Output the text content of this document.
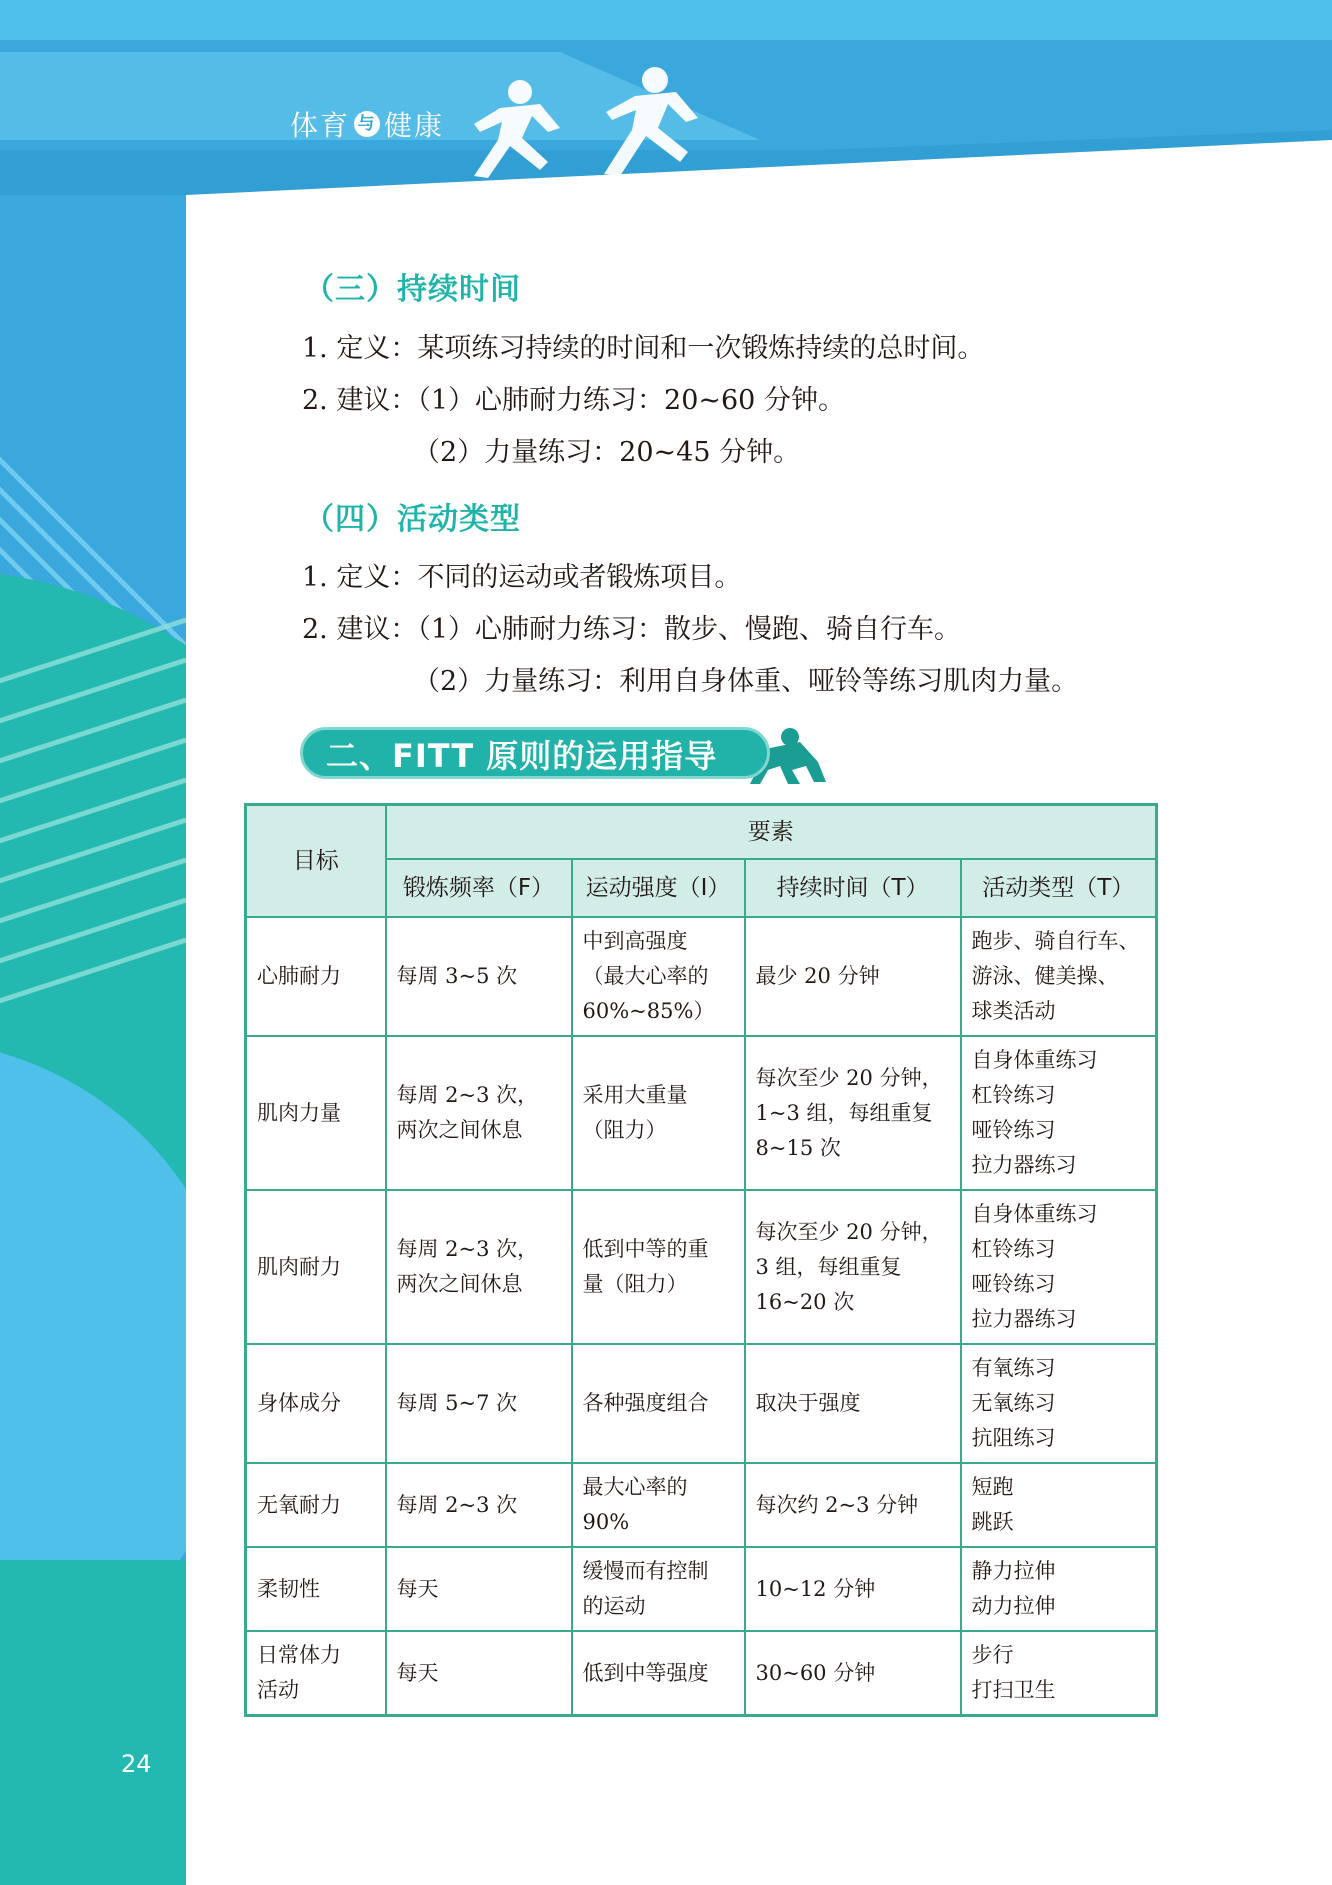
体育 与 健康
（三）持续时间
1. 定义：某项练习持续的时间和一次锻炼持续的总时间。
2. 建议：（1）心肺耐力练习：20~60 分钟。
（2）力量练习：20~45 分钟。
（四）活动类型
1. 定义：不同的运动或者锻炼项目。
2. 建议：（1）心肺耐力练习：散步、慢跑、骑自行车。
（2）力量练习：利用自身体重、哑铃等练习肌肉力量。
二、FITT 原则的运用指导
目标	要素			
	锻炼频率（F）	运动强度（I）	持续时间（T）	活动类型（T）

心肺耐力	每周 3~5 次	中到高强度
（最大心率的
60%~85%）	最少 20 分钟	跑步、骑自行车、
游泳、健美操、
球类活动

肌肉力量	每周 2~3 次，
两次之间休息	采用大重量
（阻力）	每次至少 20 分钟，
1~3 组，每组重复
8~15 次	自身体重练习
杠铃练习
哑铃练习
拉力器练习

肌肉耐力	每周 2~3 次，
两次之间休息	低到中等的重
量（阻力）	每次至少 20 分钟，
3 组，每组重复
16~20 次	自身体重练习
杠铃练习
哑铃练习
拉力器练习

身体成分	每周 5~7 次	各种强度组合	取决于强度	有氧练习
无氧练习
抗阻练习

无氧耐力	每周 2~3 次	最大心率的
90%	每次约 2~3 分钟	短跑
跳跃

柔韧性	每天	缓慢而有控制
的运动	10~12 分钟	静力拉伸
动力拉伸

日常体力
活动	每天	低到中等强度	30~60 分钟	步行
打扫卫生
24
